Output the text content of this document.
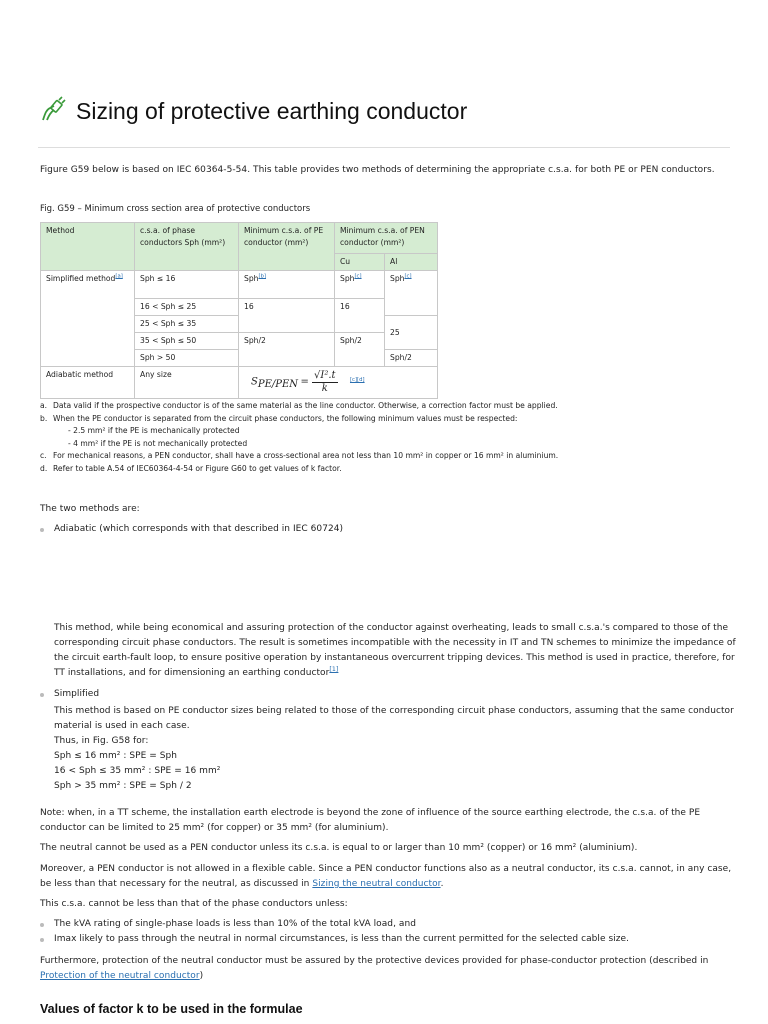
Sizing of protective earthing conductor
Figure G59 below is based on IEC 60364-5-54. This table provides two methods of determining the appropriate c.s.a. for both PE or PEN conductors.
Fig. G59 – Minimum cross section area of protective conductors
Method	c.s.a. of phase conductors Sph (mm²)	Minimum c.s.a. of PE conductor (mm²)	Minimum c.s.a. of PEN conductor (mm²)	
			Cu	Al
Simplified method[a]	Sph ≤ 16	Sph[b]	Sph[c]	Sph[c]
	16 < Sph ≤ 25	16	16	
	25 < Sph ≤ 35			25
	35 < Sph ≤ 50	Sph/2	Sph/2	
	Sph > 50			Sph/2
Adiabatic method	Any size	$S_{PE/PEN} = \frac{\text{√I².t}}{k} [c][d]$
a. Data valid if the prospective conductor is of the same material as the line conductor. Otherwise, a correction factor must be applied.
b. When the PE conductor is separated from the circuit phase conductors, the following minimum values must be respected:
- 2.5 mm² if the PE is mechanically protected
- 4 mm² if the PE is not mechanically protected
c. For mechanical reasons, a PEN conductor, shall have a cross-sectional area not less than 10 mm² in copper or 16 mm² in aluminium.
d. Refer to table A.54 of IEC60364-4-54 or Figure G60 to get values of k factor.
The two methods are:
Adiabatic (which corresponds with that described in IEC 60724)
This method, while being economical and assuring protection of the conductor against overheating, leads to small c.s.a.'s compared to those of the
corresponding circuit phase conductors. The result is sometimes incompatible with the necessity in IT and TN schemes to minimize the impedance of
the circuit earth-fault loop, to ensure positive operation by instantaneous overcurrent tripping devices. This method is used in practice, therefore, for
TT installations, and for dimensioning an earthing conductor[1]
Simplified
This method is based on PE conductor sizes being related to those of the corresponding circuit phase conductors, assuming that the same conductor
material is used in each case.
Thus, in Fig. G58 for:
Sph ≤ 16 mm² : SPE = Sph
16 < Sph ≤ 35 mm² : SPE = 16 mm²
Sph > 35 mm² : SPE = Sph / 2
Note: when, in a TT scheme, the installation earth electrode is beyond the zone of influence of the source earthing electrode, the c.s.a. of the PE
conductor can be limited to 25 mm² (for copper) or 35 mm² (for aluminium).
The neutral cannot be used as a PEN conductor unless its c.s.a. is equal to or larger than 10 mm² (copper) or 16 mm² (aluminium).
Moreover, a PEN conductor is not allowed in a flexible cable. Since a PEN conductor functions also as a neutral conductor, its c.s.a. cannot, in any case,
be less than that necessary for the neutral, as discussed in Sizing the neutral conductor.
This c.s.a. cannot be less than that of the phase conductors unless:
The kVA rating of single-phase loads is less than 10% of the total kVA load, and
Imax likely to pass through the neutral in normal circumstances, is less than the current permitted for the selected cable size.
Furthermore, protection of the neutral conductor must be assured by the protective devices provided for phase-conductor protection (described in
Protection of the neutral conductor)
Values of factor k to be used in the formulae
